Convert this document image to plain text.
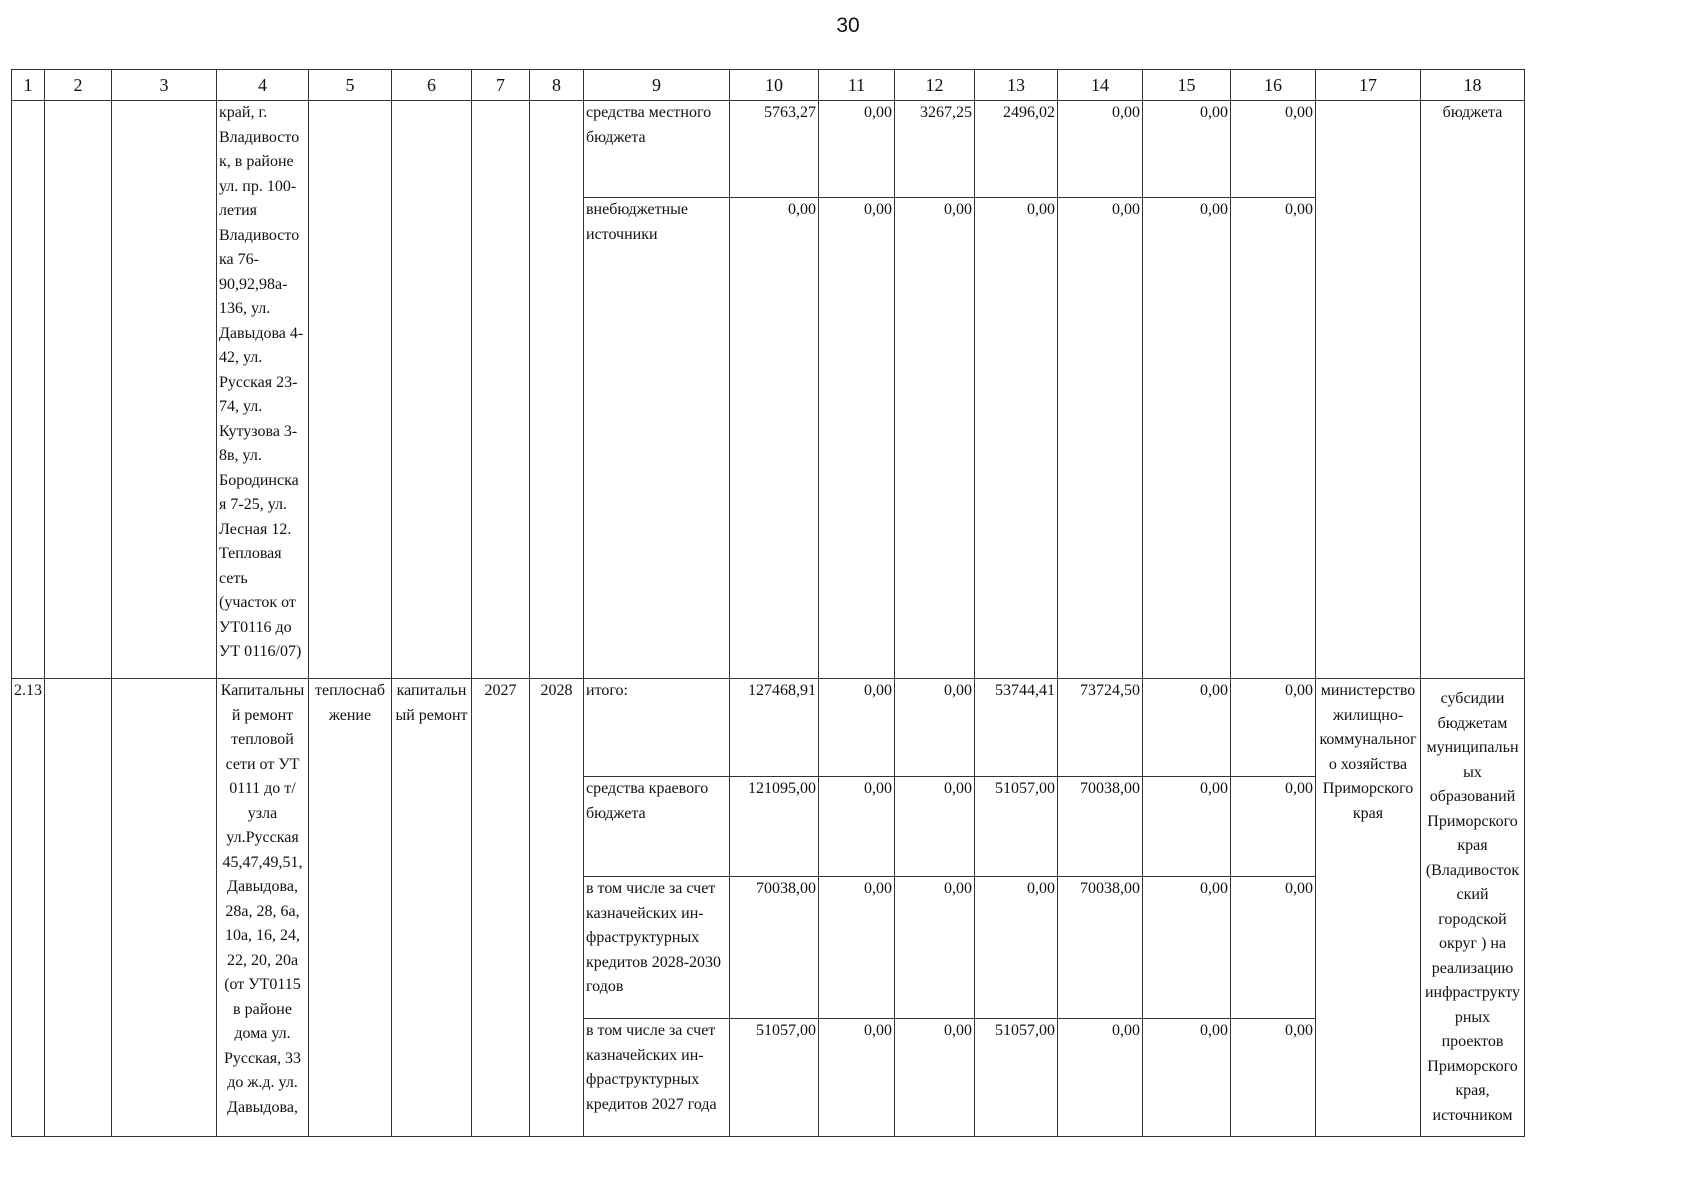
30
1	2	3	4	5	6	7	8	9	10	11	12	13	14	15	16	17	18
			край, г. Владивосто к, в районе ул. пр. 100- летия Владивосто ка 76- 90,92,98а- 136, ул. Давыдова 4- 42, ул. Русская 23- 74, ул. Кутузова 3- 8в, ул. Бородинска я 7-25, ул. Лесная 12. Тепловая сеть (участок от УТ0116 до УТ 0116/07)					средства местного бюджета	5763,27	0,00	3267,25	2496,02	0,00	0,00	0,00		бюджета
								внебюджетные источники	0,00	0,00	0,00	0,00	0,00	0,00	0,00		
2.13			Капитальны й ремонт тепловой сети от УТ 0111 до т/узла ул.Русская 45,47,49,51, Давыдова, 28а, 28, 6а, 10а, 16, 24, 22, 20, 20а (от УТ0115 в районе дома ул. Русская, 33 до ж.д. ул. Давыдова,	теплоснаб жение	капитальн ый ремонт	2027	2028	итого:	127468,91	0,00	0,00	53744,41	73724,50	0,00	0,00	министерство жилищно- коммунальног о хозяйства Приморского края	субсидии бюджетам муниципальн ых образований Приморского края (Владивосток ский городской округ ) на реализацию инфраструкту рных проектов Приморского края, источником
								средства краевого бюджета	121095,00	0,00	0,00	51057,00	70038,00	0,00	0,00		
								в том числе за счет казначейских ин- фраструктурных кредитов 2028-2030 годов	70038,00	0,00	0,00	0,00	70038,00	0,00	0,00		
								в том числе за счет казначейских ин- фраструктурных кредитов 2027 года	51057,00	0,00	0,00	51057,00	0,00	0,00	0,00		
